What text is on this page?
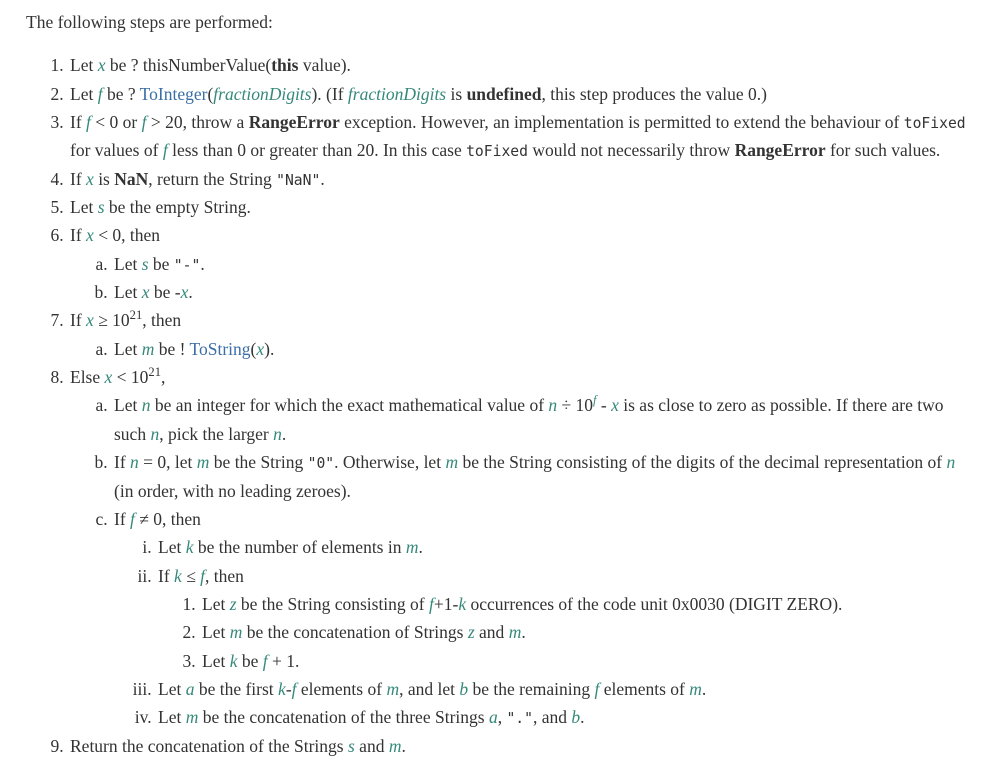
The following steps are performed:

1. Let x be ? thisNumberValue(this value).
2. Let f be ? ToInteger(fractionDigits). (If fractionDigits is undefined, this step produces the value 0.)
3. If f < 0 or f > 20, throw a RangeError exception. However, an implementation is permitted to extend the behaviour of toFixed for values of f less than 0 or greater than 20. In this case toFixed would not necessarily throw RangeError for such values.
4. If x is NaN, return the String "NaN".
5. Let s be the empty String.
6. If x < 0, then
a. Let s be "-".
b. Let x be -x.
7. If $x \ge 10^{21}$, then
a. Let m be ! ToString(x).
8. Else $x < 10^{21}$,
a. Let n be an integer for which the exact mathematical value of $n \div 10^f - x$ is as close to zero as possible. If there are two such n, pick the larger n.
b. If n = 0, let m be the String "0". Otherwise, let m be the String consisting of the digits of the decimal representation of n (in order, with no leading zeroes).
c. If f ≠ 0, then
i. Let k be the number of elements in m.
ii. If k ≤ f, then
1. Let z be the String consisting of f+1-k occurrences of the code unit 0x0030 (DIGIT ZERO).
2. Let m be the concatenation of Strings z and m.
3. Let k be f + 1.
iii. Let a be the first k-f elements of m, and let b be the remaining f elements of m.
iv. Let m be the concatenation of the three Strings a, ".", and b.
9. Return the concatenation of the Strings s and m.
